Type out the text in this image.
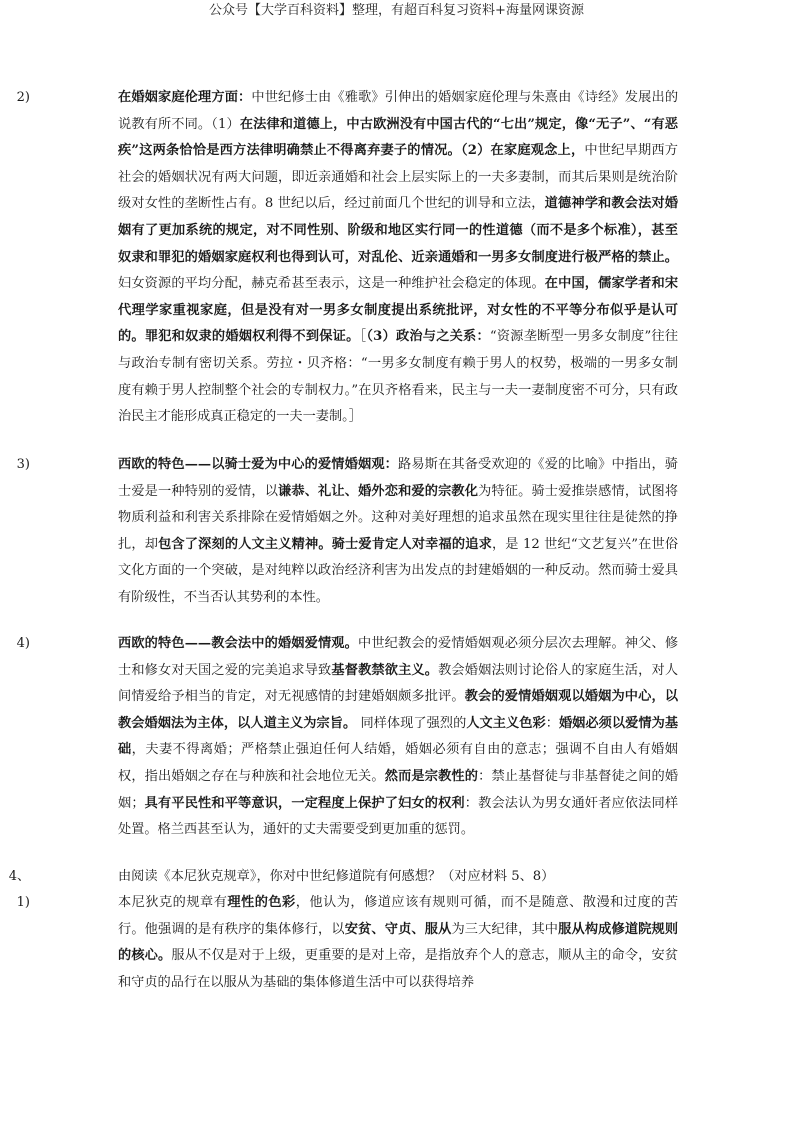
公众号【大学百科资料】整理，有超百科复习资料+海量网课资源
2)	在婚姻家庭伦理方面：中世纪修士由《雅歌》引伸出的婚姻家庭伦理与朱熹由《诗经》发展出的说教有所不同。（1）在法律和道德上，中古欧洲没有中国古代的“七出”规定，像“无子”、“有恶疾”这两条恰恰是西方法律明确禁止不得离弃妻子的情况。（2）在家庭观念上，中世纪早期西方社会的婚姻状况有两大问题，即近亲通婚和社会上层实际上的一夫多妻制，而其后果则是统治阶级对女性的垄断性占有。8 世纪以后，经过前面几个世纪的训导和立法，道德神学和教会法对婚姻有了更加系统的规定，对不同性别、阶级和地区实行同一的性道德（而不是多个标准），甚至奴隶和罪犯的婚姻家庭权利也得到认可，对乱伦、近亲通婚和一男多女制度进行极严格的禁止。 妇女资源的平均分配，赫克希甚至表示，这是一种维护社会稳定的体现。在中国，儒家学者和宋代理学家重视家庭，但是没有对一男多女制度提出系统批评，对女性的不平等分布似乎是认可的。罪犯和奴隶的婚姻权利得不到保证。［（3）政治与之关系：“资源垄断型一男多女制度”往往与政治专制有密切关系。劳拉・贝齐格：“一男多女制度有赖于男人的权势，极端的一男多女制度有赖于男人控制整个社会的专制权力。”在贝齐格看来，民主与一夫一妻制度密不可分，只有政治民主才能形成真正稳定的一夫一妻制。］
3)	西欧的特色——以骑士爱为中心的爱情婚姻观：路易斯在其备受欢迎的《爱的比喻》中指出，骑士爱是一种特别的爱情，以谦恭、礼让、婚外恋和爱的宗教化为特征。骑士爱推崇感情，试图将物质利益和利害关系排除在爱情婚姻之外。这种对美好理想的追求虽然在现实里往往是徒然的挣扎，却包含了深刻的人文主义精神。骑士爱肯定人对幸福的追求，是 12 世纪“文艺复兴”在世俗文化方面的一个突破，是对纯粹以政治经济利害为出发点的封建婚姻的一种反动。然而骑士爱具有阶级性，不当否认其势利的本性。
4)	西欧的特色——教会法中的婚姻爱情观。中世纪教会的爱情婚姻观必须分层次去理解。神父、修士和修女对天国之爱的完美追求导致基督教禁欲主义。教会婚姻法则讨论俗人的家庭生活，对人间情爱给予相当的肯定，对无视感情的封建婚姻颇多批评。教会的爱情婚姻观以婚姻为中心，以教会婚姻法为主体，以人道主义为宗旨。 同样体现了强烈的人文主义色彩：婚姻必须以爱情为基础，夫妻不得离婚；严格禁止强迫任何人结婚，婚姻必须有自由的意志；强调不自由人有婚姻权，指出婚姻之存在与种族和社会地位无关。然而是宗教性的：禁止基督徒与非基督徒之间的婚姻；具有平民性和平等意识，一定程度上保护了妇女的权利：教会法认为男女通奸者应依法同样处置。格兰西甚至认为，通奸的丈夫需要受到更加重的惩罚。
4、	由阅读《本尼狄克规章》，你对中世纪修道院有何感想？（对应材料 5、8）
1)	本尼狄克的规章有理性的色彩，他认为，修道应该有规则可循，而不是随意、散漫和过度的苦行。他强调的是有秩序的集体修行，以安贫、守贞、服从为三大纪律，其中服从构成修道院规则的核心。服从不仅是对于上级，更重要的是对上帝，是指放弃个人的意志，顺从主的命令，安贫和守贞的品行在以服从为基础的集体修道生活中可以获得培养
